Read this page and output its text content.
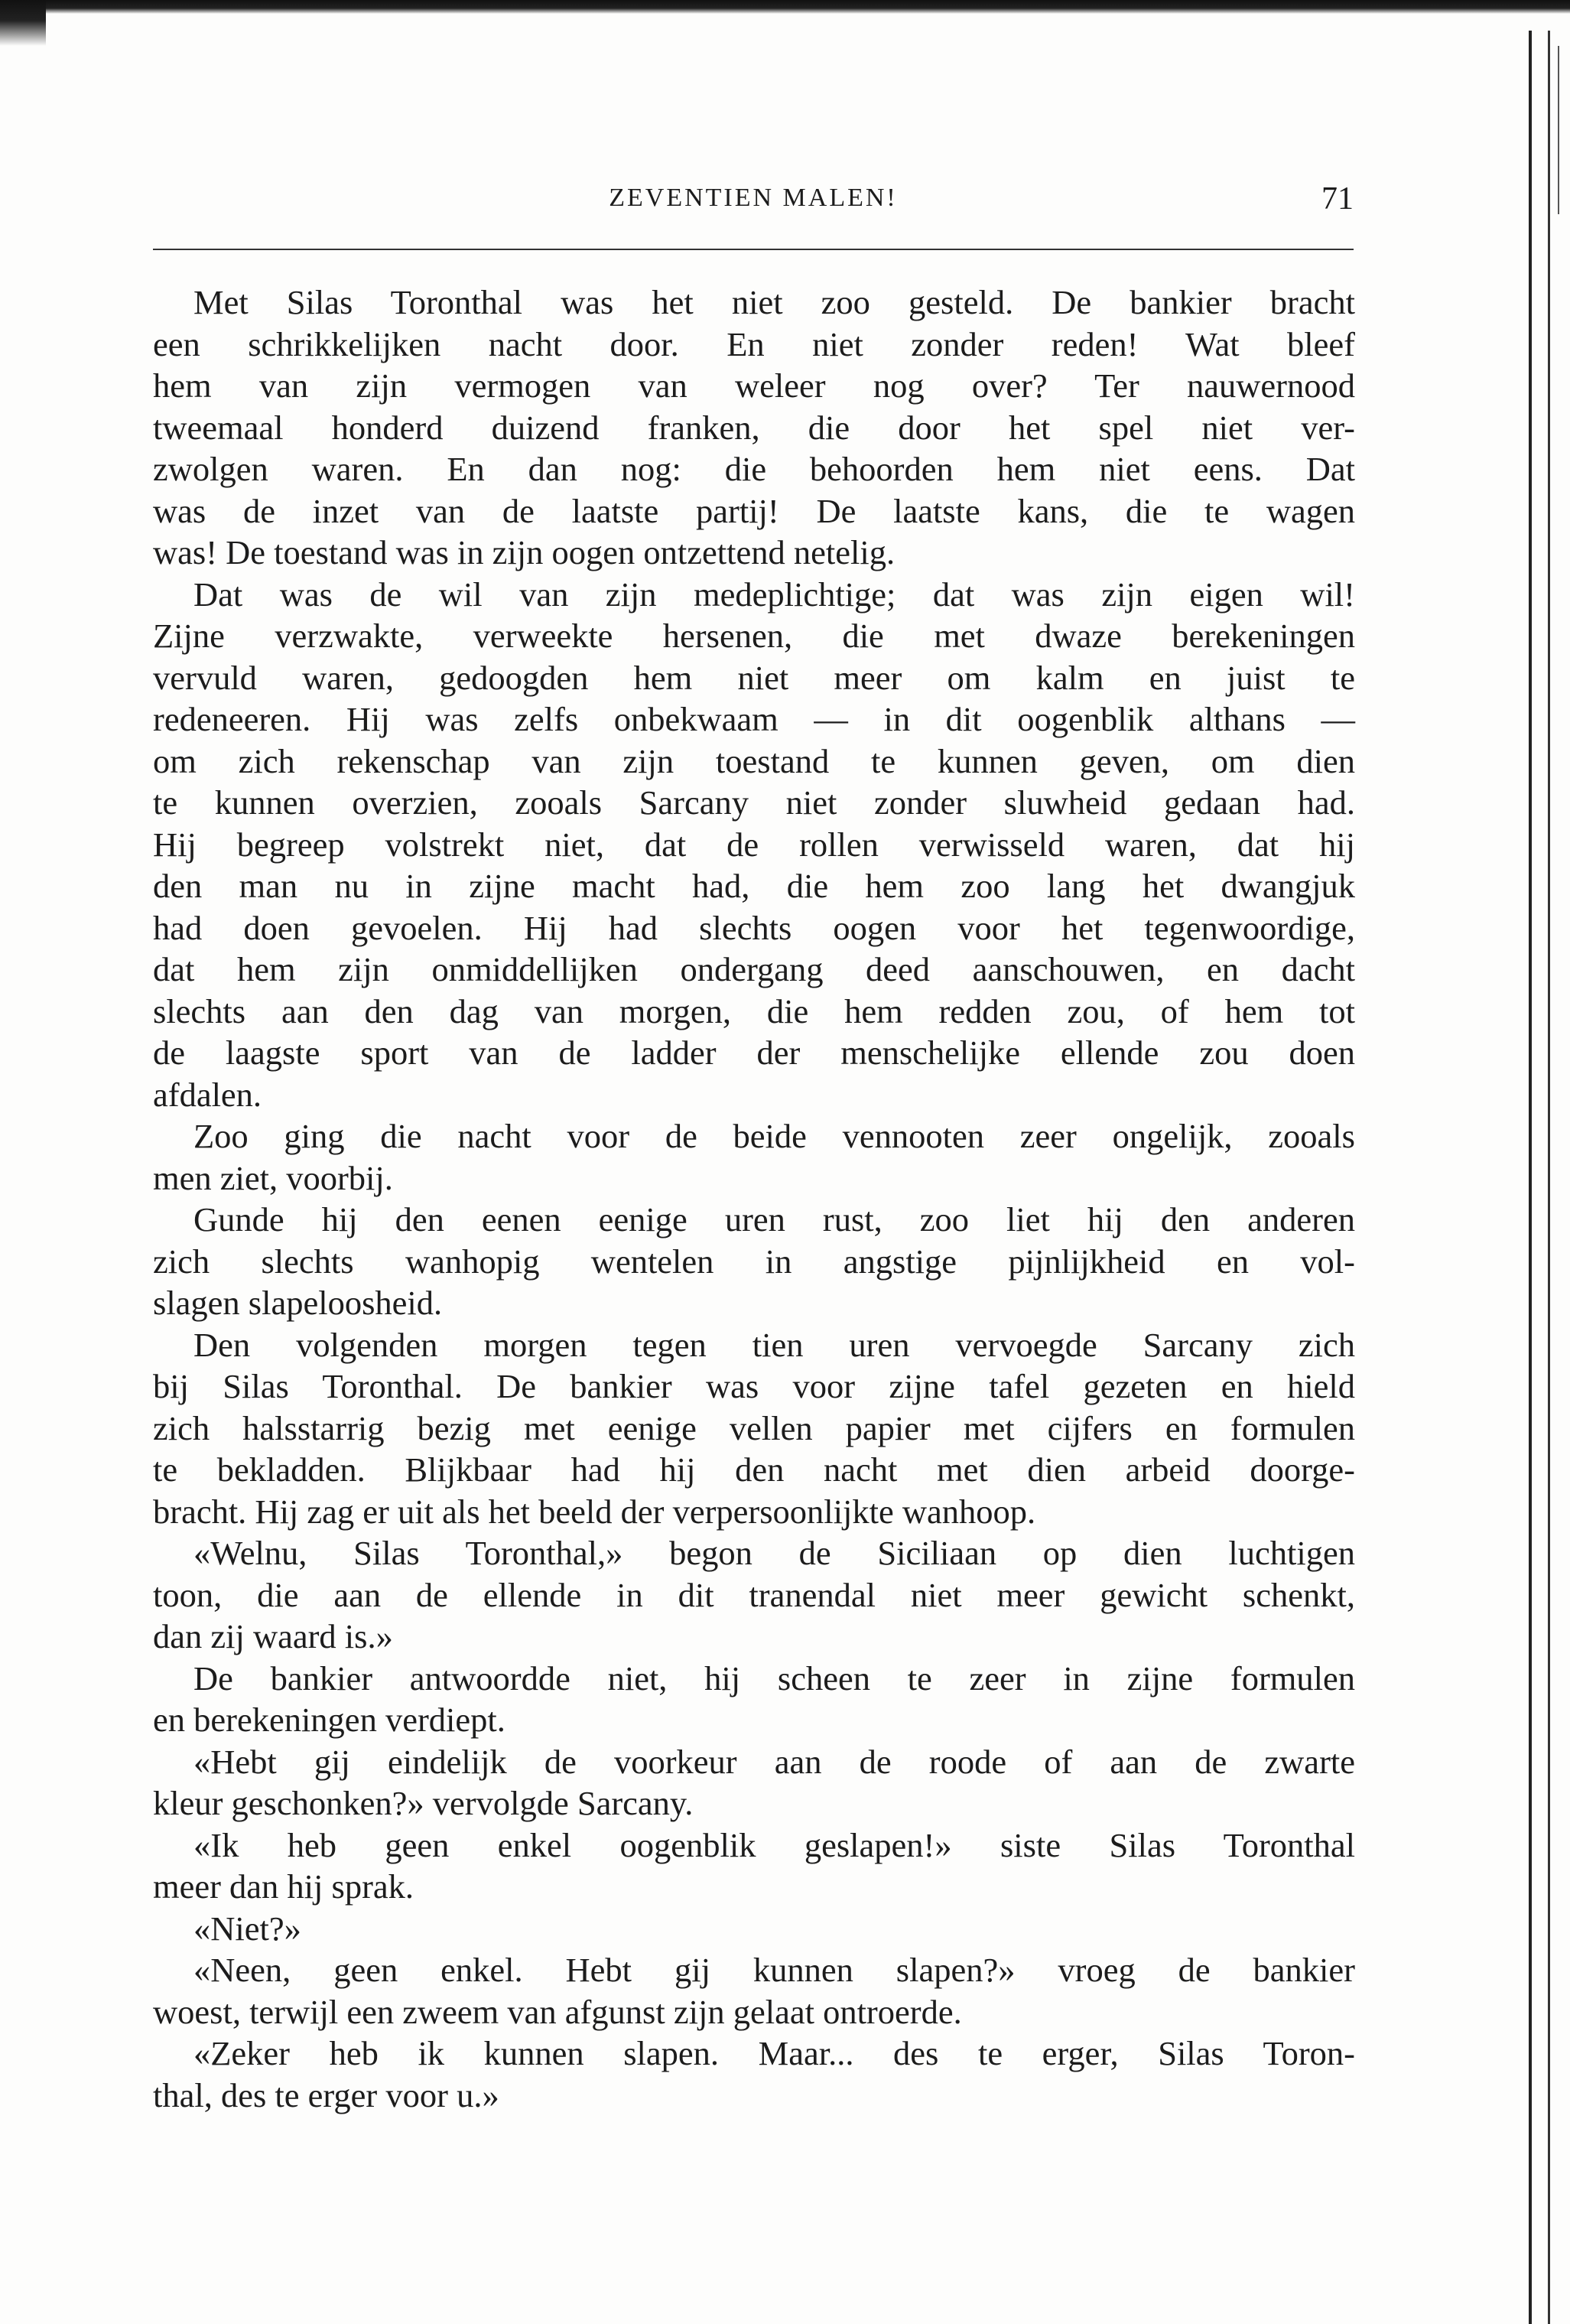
ZEVENTIEN MALEN!	71

Met Silas Toronthal was het niet zoo gesteld. De bankier bracht
een schrikkelijken nacht door. En niet zonder reden! Wat bleef
hem van zijn vermogen van weleer nog over? Ter nauwernood
tweemaal honderd duizend franken, die door het spel niet ver-
zwolgen waren. En dan nog: die behoorden hem niet eens. Dat
was de inzet van de laatste partij! De laatste kans, die te wagen
was! De toestand was in zijn oogen ontzettend netelig.

Dat was de wil van zijn medeplichtige; dat was zijn eigen wil!
Zijne verzwakte, verweekte hersenen, die met dwaze berekeningen
vervuld waren, gedoogden hem niet meer om kalm en juist te
redeneeren. Hij was zelfs onbekwaam — in dit oogenblik althans —
om zich rekenschap van zijn toestand te kunnen geven, om dien
te kunnen overzien, zooals Sarcany niet zonder sluwheid gedaan had.
Hij begreep volstrekt niet, dat de rollen verwisseld waren, dat hij
den man nu in zijne macht had, die hem zoo lang het dwangjuk
had doen gevoelen. Hij had slechts oogen voor het tegenwoordige,
dat hem zijn onmiddellijken ondergang deed aanschouwen, en dacht
slechts aan den dag van morgen, die hem redden zou, of hem tot
de laagste sport van de ladder der menschelijke ellende zou doen
afdalen.

Zoo ging die nacht voor de beide vennooten zeer ongelijk, zooals
men ziet, voorbij.

Gunde hij den eenen eenige uren rust, zoo liet hij den anderen
zich slechts wanhopig wentelen in angstige pijnlijkheid en vol-
slagen slapeloosheid.

Den volgenden morgen tegen tien uren vervoegde Sarcany zich
bij Silas Toronthal. De bankier was voor zijne tafel gezeten en hield
zich halsstarrig bezig met eenige vellen papier met cijfers en formulen
te bekladden. Blijkbaar had hij den nacht met dien arbeid doorge-
bracht. Hij zag er uit als het beeld der verpersoonlijkte wanhoop.

«Welnu, Silas Toronthal,» begon de Siciliaan op dien luchtigen
toon, die aan de ellende in dit tranendal niet meer gewicht schenkt,
dan zij waard is.»

De bankier antwoordde niet, hij scheen te zeer in zijne formulen
en berekeningen verdiept.

«Hebt gij eindelijk de voorkeur aan de roode of aan de zwarte
kleur geschonken?» vervolgde Sarcany.

«Ik heb geen enkel oogenblik geslapen!» siste Silas Toronthal
meer dan hij sprak.

«Niet?»

«Neen, geen enkel. Hebt gij kunnen slapen?» vroeg de bankier
woest, terwijl een zweem van afgunst zijn gelaat ontroerde.

«Zeker heb ik kunnen slapen. Maar... des te erger, Silas Toron-
thal, des te erger voor u.»
